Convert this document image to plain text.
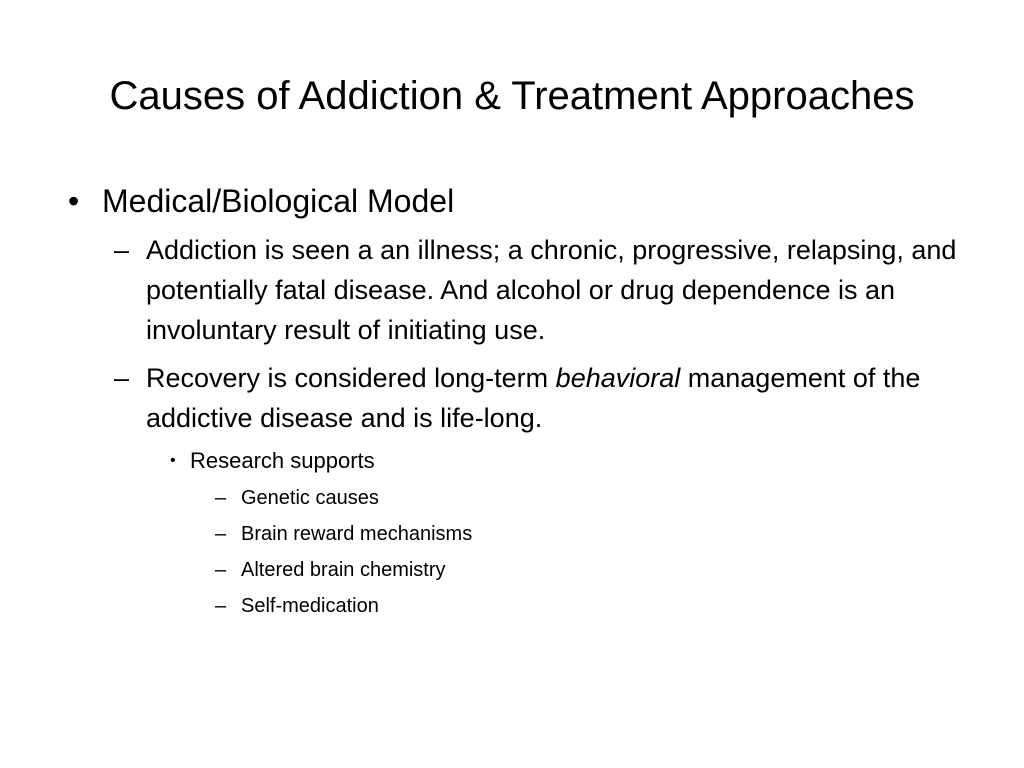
Causes of Addiction & Treatment Approaches
• Medical/Biological Model
– Addiction is seen a an illness; a chronic, progressive, relapsing, and potentially fatal disease. And alcohol or drug dependence is an involuntary result of initiating use.
– Recovery is considered long-term behavioral management of the addictive disease and is life-long.
• Research supports
– Genetic causes
– Brain reward mechanisms
– Altered brain chemistry
– Self-medication
